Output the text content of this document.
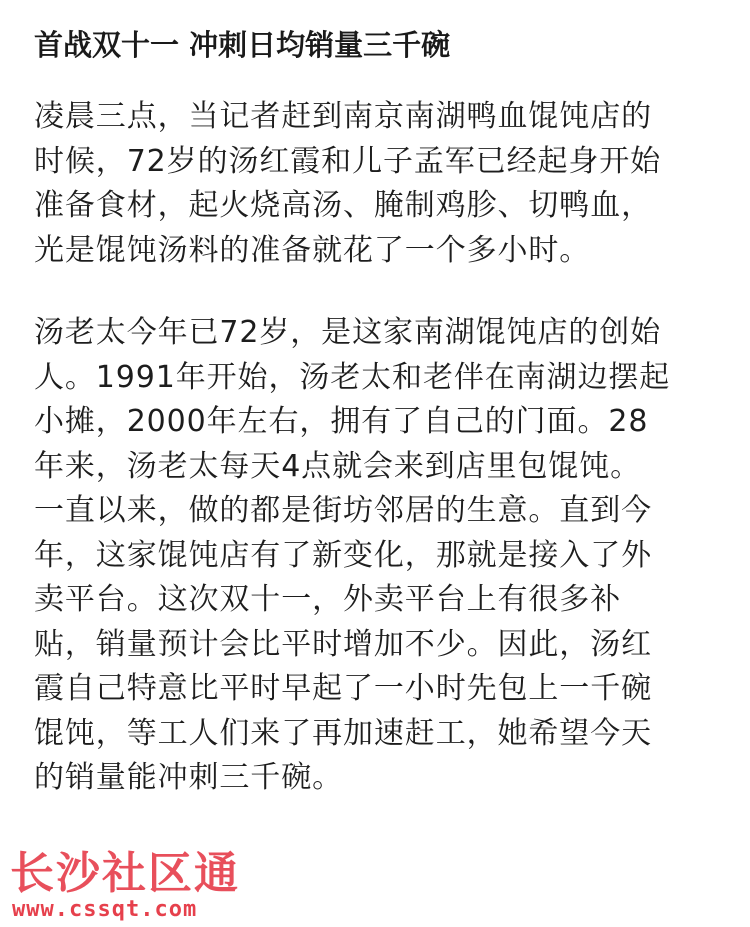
首战双十一 冲刺日均销量三千碗

凌晨三点，当记者赶到南京南湖鸭血馄饨店的
时候，72岁的汤红霞和儿子孟军已经起身开始
准备食材，起火烧高汤、腌制鸡胗、切鸭血，
光是馄饨汤料的准备就花了一个多小时。

汤老太今年已72岁，是这家南湖馄饨店的创始
人。1991年开始，汤老太和老伴在南湖边摆起
小摊，2000年左右，拥有了自己的门面。28
年来，汤老太每天4点就会来到店里包馄饨。
一直以来，做的都是街坊邻居的生意。直到今
年，这家馄饨店有了新变化，那就是接入了外
卖平台。这次双十一，外卖平台上有很多补
贴，销量预计会比平时增加不少。因此，汤红
霞自己特意比平时早起了一小时先包上一千碗
馄饨，等工人们来了再加速赶工，她希望今天
的销量能冲刺三千碗。

长沙社区通
www.cssqt.com
